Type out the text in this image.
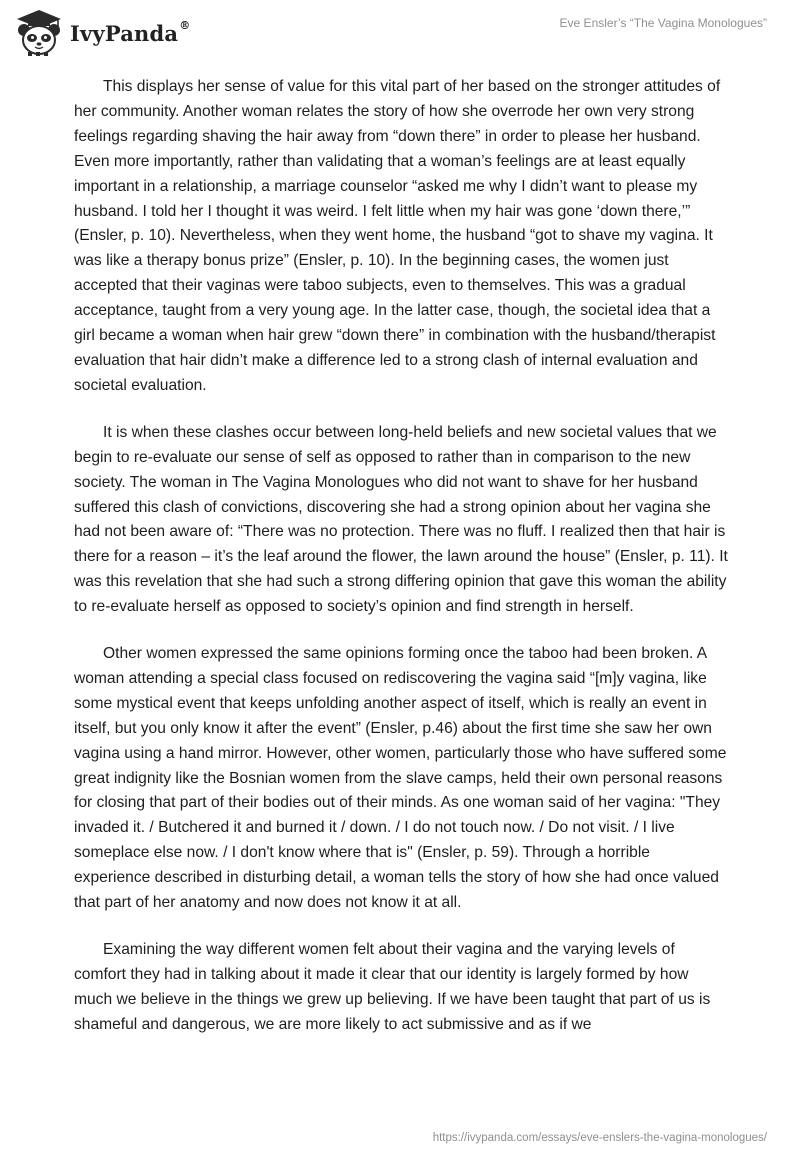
IvyPanda®	Eve Ensler’s “The Vagina Monologues”

This displays her sense of value for this vital part of her based on the stronger attitudes of her community. Another woman relates the story of how she overrode her own very strong feelings regarding shaving the hair away from “down there” in order to please her husband. Even more importantly, rather than validating that a woman’s feelings are at least equally important in a relationship, a marriage counselor “asked me why I didn’t want to please my husband. I told her I thought it was weird. I felt little when my hair was gone ‘down there,’” (Ensler, p. 10). Nevertheless, when they went home, the husband “got to shave my vagina. It was like a therapy bonus prize” (Ensler, p. 10). In the beginning cases, the women just accepted that their vaginas were taboo subjects, even to themselves. This was a gradual acceptance, taught from a very young age. In the latter case, though, the societal idea that a girl became a woman when hair grew “down there” in combination with the husband/therapist evaluation that hair didn’t make a difference led to a strong clash of internal evaluation and societal evaluation.

It is when these clashes occur between long-held beliefs and new societal values that we begin to re-evaluate our sense of self as opposed to rather than in comparison to the new society. The woman in The Vagina Monologues who did not want to shave for her husband suffered this clash of convictions, discovering she had a strong opinion about her vagina she had not been aware of: “There was no protection. There was no fluff. I realized then that hair is there for a reason – it’s the leaf around the flower, the lawn around the house” (Ensler, p. 11). It was this revelation that she had such a strong differing opinion that gave this woman the ability to re-evaluate herself as opposed to society’s opinion and find strength in herself.

Other women expressed the same opinions forming once the taboo had been broken. A woman attending a special class focused on rediscovering the vagina said “[m]y vagina, like some mystical event that keeps unfolding another aspect of itself, which is really an event in itself, but you only know it after the event” (Ensler, p.46) about the first time she saw her own vagina using a hand mirror. However, other women, particularly those who have suffered some great indignity like the Bosnian women from the slave camps, held their own personal reasons for closing that part of their bodies out of their minds. As one woman said of her vagina: "They invaded it. / Butchered it and burned it / down. / I do not touch now. / Do not visit. / I live someplace else now. / I don't know where that is" (Ensler, p. 59). Through a horrible experience described in disturbing detail, a woman tells the story of how she had once valued that part of her anatomy and now does not know it at all.

Examining the way different women felt about their vagina and the varying levels of comfort they had in talking about it made it clear that our identity is largely formed by how much we believe in the things we grew up believing. If we have been taught that part of us is shameful and dangerous, we are more likely to act submissive and as if we

https://ivypanda.com/essays/eve-enslers-the-vagina-monologues/
